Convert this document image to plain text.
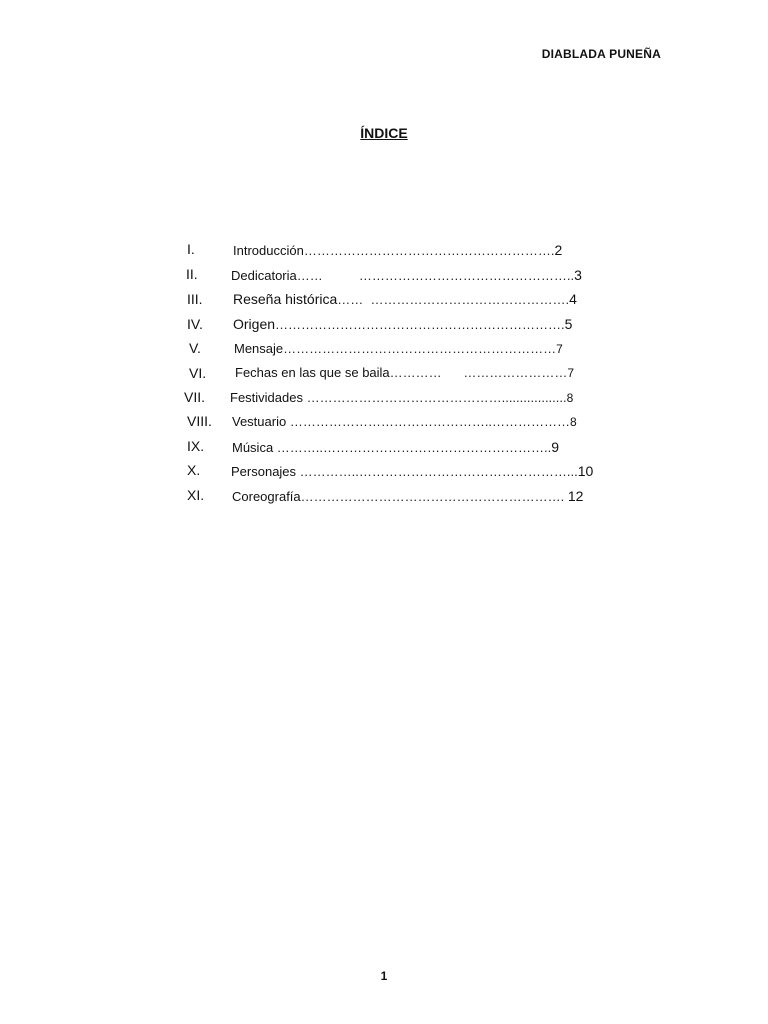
DIABLADA PUNEÑA
ÍNDICE
I.	Introducción………………………………………………….2
II.	Dedicatoria……          …………………………………………..3
III. Reseña histórica……  ……………………………………….4
IV. Origen………………………………………………………….5
V.	Mensaje………………………………………………………7
VI. Fechas en las que se baila…………      ……………………7
VII. Festividades ………………………………………..................8
VIII. Vestuario ………………………………………..………………8
IX. Música ………..……………………………………………..9
X. Personajes …………..…………………………………………...10
XI. Coreografía……………………………………………………. 12
1
